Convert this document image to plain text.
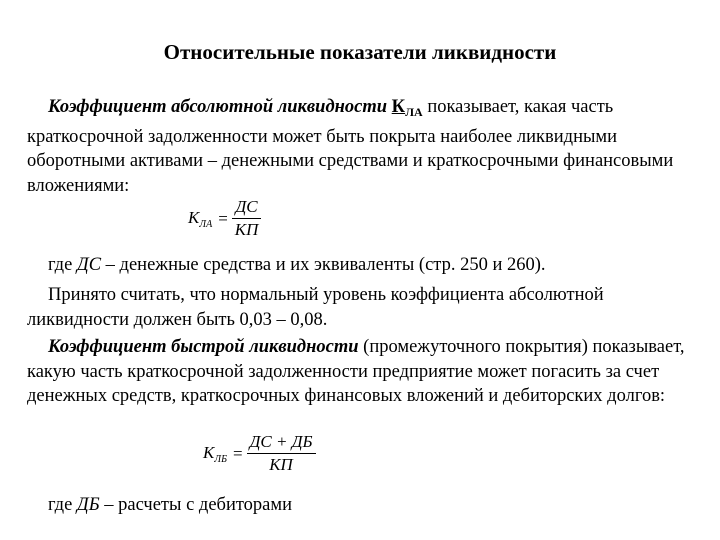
Относительные показатели ликвидности
Коэффициент абсолютной ликвидности $К_{ЛА}$ показывает, какая часть краткосрочной задолженности может быть покрыта наиболее ликвидными оборотными активами – денежными средствами и краткосрочными финансовыми вложениями:
$К_{ЛА} = \frac{ДС}{КП}$
где ДС – денежные средства и их эквиваленты (стр. 250 и 260).
Принято считать, что нормальный уровень коэффициента абсолютной ликвидности должен быть 0,03 – 0,08.
Коэффициент быстрой ликвидности (промежуточного покрытия) показывает, какую часть краткосрочной задолженности предприятие может погасить за счет денежных средств, краткосрочных финансовых вложений и дебиторских долгов:
$К_{ЛБ} = \frac{ДС + ДБ}{КП}$
где ДБ – расчеты с дебиторами
